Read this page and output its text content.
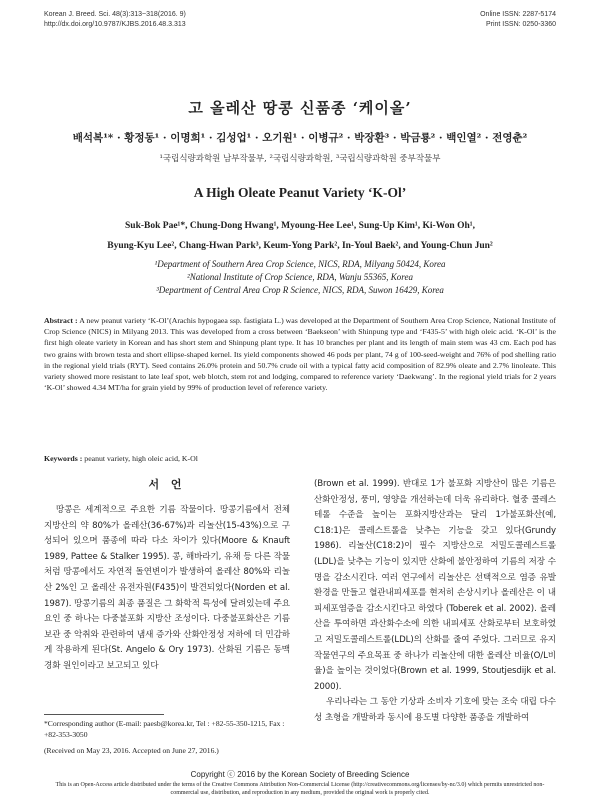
Korean J. Breed. Sci. 48(3):313~318(2016. 9)
http://dx.doi.org/10.9787/KJBS.2016.48.3.313
Online ISSN: 2287-5174
Print ISSN: 0250-3360
고 올레산 땅콩 신품종 ‘케이올’
배석복¹* · 황정동¹ · 이명희¹ · 김성업¹ · 오기원¹ · 이병규² · 박장환³ · 박금룡² · 백인열² · 전영춘²
¹국립식량과학원 남부작물부, ²국립식량과학원, ³국립식량과학원 중부작물부
A High Oleate Peanut Variety ‘K-Ol’
Suk-Bok Pae¹*, Chung-Dong Hwang¹, Myoung-Hee Lee¹, Sung-Up Kim¹, Ki-Won Oh¹,
Byung-Kyu Lee², Chang-Hwan Park³, Keum-Yong Park², In-Youl Baek², and Young-Chun Jun²
¹Department of Southern Area Crop Science, NICS, RDA, Milyang 50424, Korea
²National Institute of Crop Science, RDA, Wanju 55365, Korea
³Department of Central Area Crop R Science, NICS, RDA, Suwon 16429, Korea
Abstract : A new peanut variety ‘K-Ol’(Arachis hypogaea ssp. fastigiata L.) was developed at the Department of Southern Area Crop Science, National Institute of Crop Science (NICS) in Milyang 2013. This was developed from a cross between ‘Baekseon’ with Shinpung type and ‘F435-5’ with high oleic acid. ‘K-Ol’ is the first high oleate variety in Korean and has short stem and Shinpung plant type. It has 10 branches per plant and its length of main stem was 43 cm. Each pod has two grains with brown testa and short ellipse-shaped kernel. Its yield components showed 46 pods per plant, 74 g of 100-seed-weight and 76% of pod shelling ratio in the regional yield trials (RYT). Seed contains 26.0% protein and 50.7% crude oil with a typical fatty acid composition of 82.9% oleate and 2.7% linoleate. This variety showed more resistant to late leaf spot, web blotch, stem rot and lodging, compared to reference variety ‘Daekwang’. In the regional yield trials for 2 years ‘K-Ol’ showed 4.34 MT/ha for grain yield by 99% of production level of reference variety.
Keywords : peanut variety, high oleic acid, K-Ol
서 언

땅콩은 세계적으로 주요한 기름 작물이다. 땅콩기름에서 전체 지방산의 약 80%가 올레산(36-67%)과 리놀산(15-43%)으로 구성되어 있으며 품종에 따라 다소 차이가 있다(Moore & Knauft 1989, Pattee & Stalker 1995). 콩, 해바라기, 유채 등 다른 작물처럼 땅콩에서도 자연적 돌연변이가 발생하여 올레산 80%와 리놀산 2%인 고 올레산 유전자원(F435)이 발견되었다(Norden et al. 1987). 땅콩기름의 최종 품질은 그 화학적 특성에 달려있는데 주요 요인 중 하나는 다중불포화 지방산 조성이다. 다중불포화산은 기름 보관 중 악취와 관련하여 냄새 증가와 산화안정성 저하에 더 민감하게 작용하게 된다(St. Angelo & Ory 1973). 산화된 기름은 동맥경화 원인이라고 보고되고 있다

(Brown et al. 1999). 반대로 1가 불포화 지방산이 많은 기름은 산화안정성, 풍미, 영양을 개선하는데 더욱 유리하다. 혈중 콜레스테롤 수준을 높이는 포화지방산과는 달리 1가불포화산(예, C18:1)은 콜레스트롤을 낮추는 기능을 갖고 있다(Grundy 1986). 리놀산(C18:2)이 필수 지방산으로 저밀도콜레스트롤(LDL)을 낮추는 기능이 있지만 산화에 불안정하여 기름의 저장 수명을 감소시킨다. 여러 연구에서 리놀산은 선택적으로 염증 유발환경을 만들고 혈관내피세포를 현저히 손상시키나 올레산은 이 내피세포염증을 감소시킨다고 하였다 (Toberek et al. 2002). 올레산을 투여하면 과산화수소에 의한 내피세포 산화로부터 보호하였고 저밀도콜레스트롤(LDL)의 산화를 줄여 주었다. 그러므로 유지작물연구의 주요목표 중 하나가 리놀산에 대한 올레산 비율(O/L비율)을 높이는 것이었다(Brown et al. 1999, Stoutjesdijk et al. 2000).

우리나라는 그 동안 기상과 소비자 기호에 맞는 조숙 대립 다수성 초형을 개발하과 동시에 용도별 다양한 품종을 개발하여

*Corresponding author (E-mail: paesb@korea.kr, Tel : +82-55-350-1215, Fax : +82-353-3050
(Received on May 23, 2016. Accepted on June 27, 2016.)
Copyright ⓒ 2016 by the Korean Society of Breeding Science
This is an Open-Access article distributed under the terms of the Creative Commons Attribution Non-Commercial License (http://creativecommons.org/licenses/by-nc/3.0) which permits unrestricted non-commercial use, distribution, and reproduction in any medium, provided the original work is properly cited.
